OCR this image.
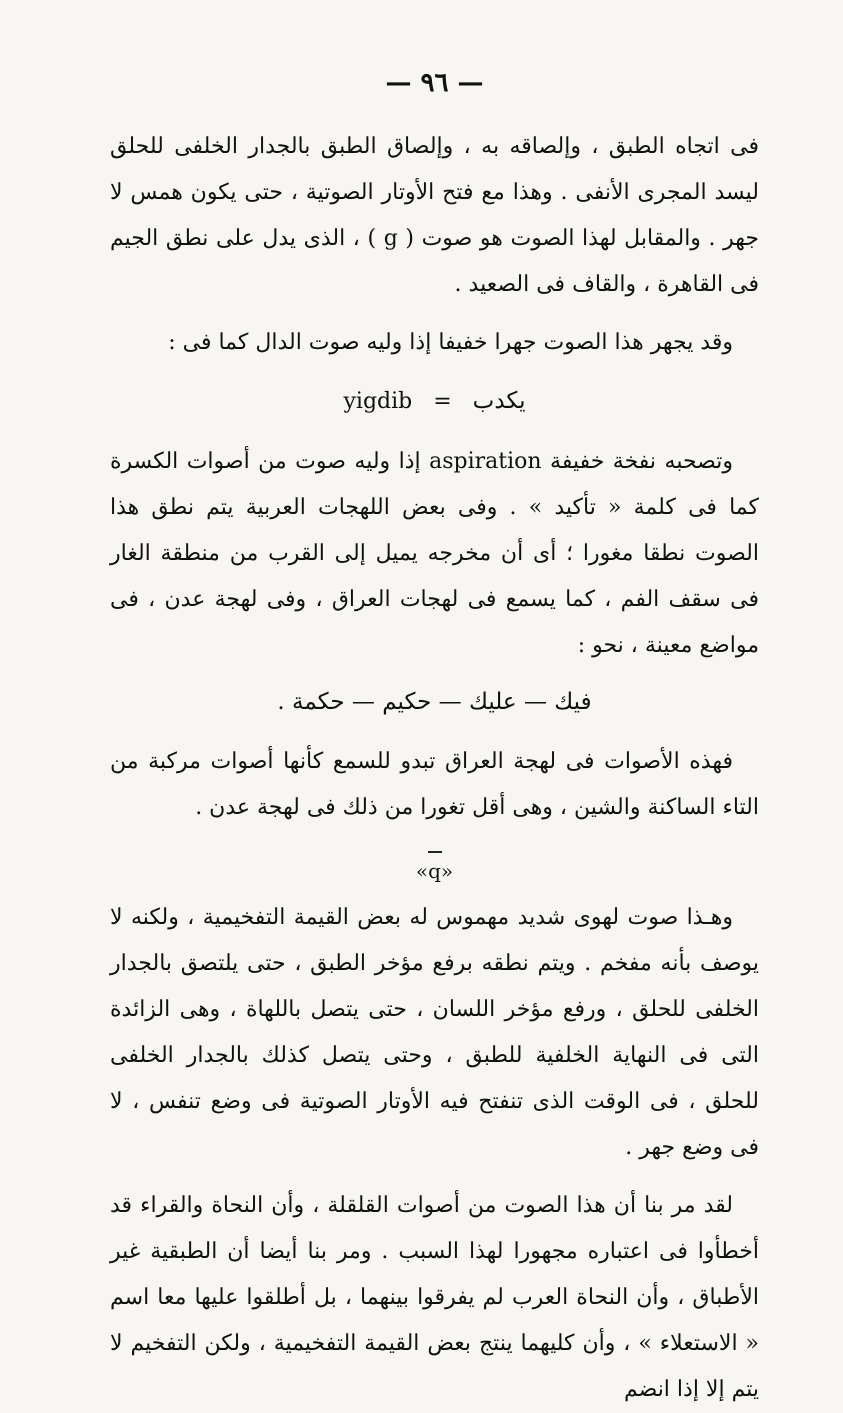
— ٩٦ —

فى اتجاه الطبق ، وإلصاقه به ، وإلصاق الطبق بالجدار الخلفى للحلق ليسد المجرى الأنفى . وهذا مع فتح الأوتار الصوتية ، حتى يكون همس لا جهر . والمقابل لهذا الصوت هو صوت ( g ) ، الذى يدل على نطق الجيم فى القاهرة ، والقاف فى الصعيد .

وقد يجهر هذا الصوت جهرا خفيفا إذا وليه صوت الدال كما فى :

yigdib = يكدب

وتصحبه نفخة خفيفة aspiration إذا وليه صوت من أصوات الكسرة كما فى كلمة « تأكيد » . وفى بعض اللهجات العربية يتم نطق هذا الصوت نطقا مغورا ؛ أى أن مخرجه يميل إلى القرب من منطقة الغار فى سقف الفم ، كما يسمع فى لهجات العراق ، وفى لهجة عدن ، فى مواضع معينة ، نحو :

فيك — عليك — حكيم — حكمة .

فهذه الأصوات فى لهجة العراق تبدو للسمع كأنها أصوات مركبة من التاء الساكنة والشين ، وهى أقل تغورا من ذلك فى لهجة عدن .

«q»

وهـذا صوت لهوى شديد مهموس له بعض القيمة التفخيمية ، ولكنه لا يوصف بأنه مفخم . ويتم نطقه برفع مؤخر الطبق ، حتى يلتصق بالجدار الخلفى للحلق ، ورفع مؤخر اللسان ، حتى يتصل باللهاة ، وهى الزائدة التى فى النهاية الخلفية للطبق ، وحتى يتصل كذلك بالجدار الخلفى للحلق ، فى الوقت الذى تنفتح فيه الأوتار الصوتية فى وضع تنفس ، لا فى وضع جهر .

لقد مر بنا أن هذا الصوت من أصوات القلقلة ، وأن النحاة والقراء قد أخطأوا فى اعتباره مجهورا لهذا السبب . ومر بنا أيضا أن الطبقية غير الأطباق ، وأن النحاة العرب لم يفرقوا بينهما ، بل أطلقوا عليها معا اسم « الاستعلاء » ، وأن كليهما ينتج بعض القيمة التفخيمية ، ولكن التفخيم لا يتم إلا إذا انضم
